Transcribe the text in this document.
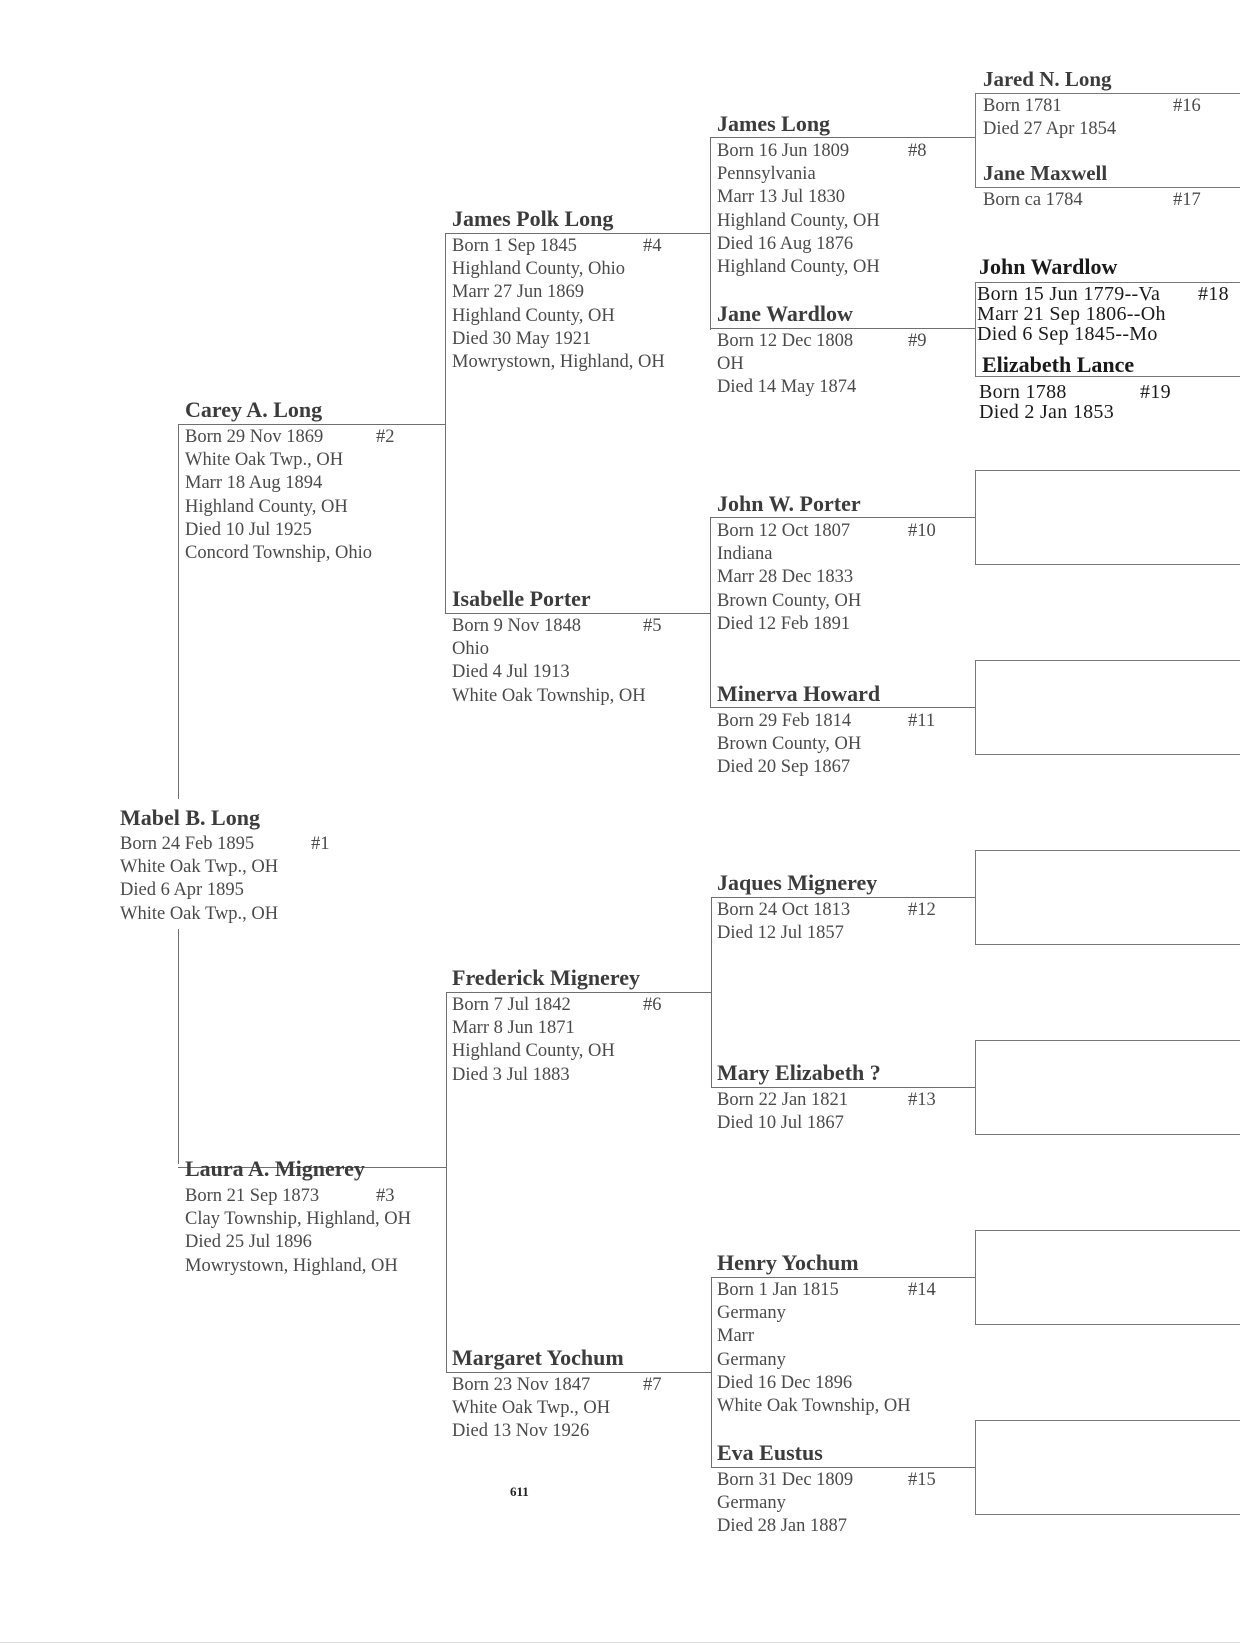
Mabel B. Long
Born 24 Feb 1895	#1
White Oak Twp., OH
Died 6 Apr 1895
White Oak Twp., OH
Carey A. Long
Born 29 Nov 1869	#2
White Oak Twp., OH
Marr 18 Aug 1894
Highland County, OH
Died 10 Jul 1925
Concord Township, Ohio
Laura A. Mignerey
Born 21 Sep 1873	#3
Clay Township, Highland, OH
Died 25 Jul 1896
Mowrystown, Highland, OH
James Polk Long
Born 1 Sep 1845	#4
Highland County, Ohio
Marr 27 Jun 1869
Highland County, OH
Died 30 May 1921
Mowrystown, Highland, OH
Isabelle Porter
Born 9 Nov 1848	#5
Ohio
Died 4 Jul 1913
White Oak Township, OH
Frederick Mignerey
Born 7 Jul 1842	#6
Marr 8 Jun 1871
Highland County, OH
Died 3 Jul 1883
Margaret Yochum
Born 23 Nov 1847	#7
White Oak Twp., OH
Died 13 Nov 1926
James Long
Born 16 Jun 1809	#8
Pennsylvania
Marr 13 Jul 1830
Highland County, OH
Died 16 Aug 1876
Highland County, OH
Jane Wardlow
Born 12 Dec 1808	#9
OH
Died 14 May 1874
John W. Porter
Born 12 Oct 1807	#10
Indiana
Marr 28 Dec 1833
Brown County, OH
Died 12 Feb 1891
Minerva Howard
Born 29 Feb 1814	#11
Brown County, OH
Died 20 Sep 1867
Jaques Mignerey
Born 24 Oct 1813	#12
Died 12 Jul 1857
Mary Elizabeth ?
Born 22 Jan 1821	#13
Died 10 Jul 1867
Henry Yochum
Born 1 Jan 1815	#14
Germany
Marr
Germany
Died 16 Dec 1896
White Oak Township, OH
Eva Eustus
Born 31 Dec 1809	#15
Germany
Died 28 Jan 1887
Jared N. Long
Born 1781	#16
Died 27 Apr 1854
Jane Maxwell
Born ca 1784	#17
John Wardlow
Born 15 Jun 1779--Va #18
Marr 21 Sep 1806--Oh
Died 6 Sep 1845--Mo
Elizabeth Lance
Born 1788	#19
Died 2 Jan 1853
611
